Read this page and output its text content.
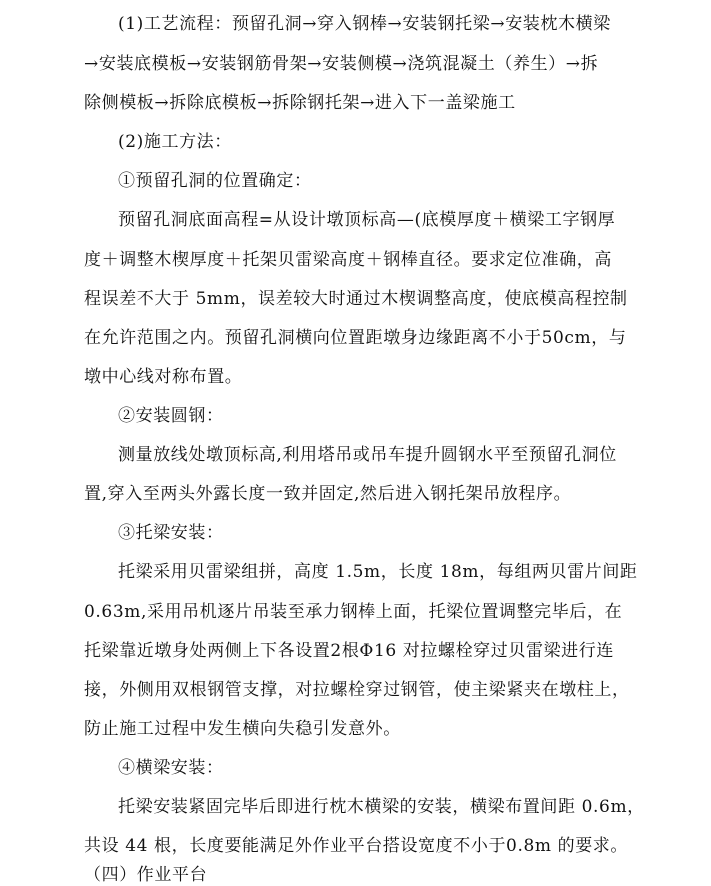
(1)工艺流程：预留孔洞→穿入钢棒→安装钢托梁→安装枕木横梁
→安装底模板→安装钢筋骨架→安装侧模→浇筑混凝土（养生）→拆
除侧模板→拆除底模板→拆除钢托架→进入下一盖梁施工
(2)施工方法：
①预留孔洞的位置确定：
预留孔洞底面高程=从设计墩顶标高—(底模厚度＋横梁工字钢厚
度＋调整木楔厚度＋托架贝雷梁高度＋钢棒直径。要求定位准确，高
程误差不大于 5mm，误差较大时通过木楔调整高度，使底模高程控制
在允许范围之内。预留孔洞横向位置距墩身边缘距离不小于50cm，与
墩中心线对称布置。
②安装圆钢：
测量放线处墩顶标高,利用塔吊或吊车提升圆钢水平至预留孔洞位
置,穿入至两头外露长度一致并固定,然后进入钢托架吊放程序。
③托梁安装：
托梁采用贝雷梁组拼，高度 1.5m，长度 18m，每组两贝雷片间距
0.63m,采用吊机逐片吊装至承力钢棒上面，托梁位置调整完毕后，在
托梁靠近墩身处两侧上下各设置2根Φ16 对拉螺栓穿过贝雷梁进行连
接，外侧用双根钢管支撑，对拉螺栓穿过钢管，使主梁紧夹在墩柱上，
防止施工过程中发生横向失稳引发意外。
④横梁安装：
托梁安装紧固完毕后即进行枕木横梁的安装，横梁布置间距 0.6m，
共设 44 根，长度要能满足外作业平台搭设宽度不小于0.8m 的要求。
（四）作业平台
